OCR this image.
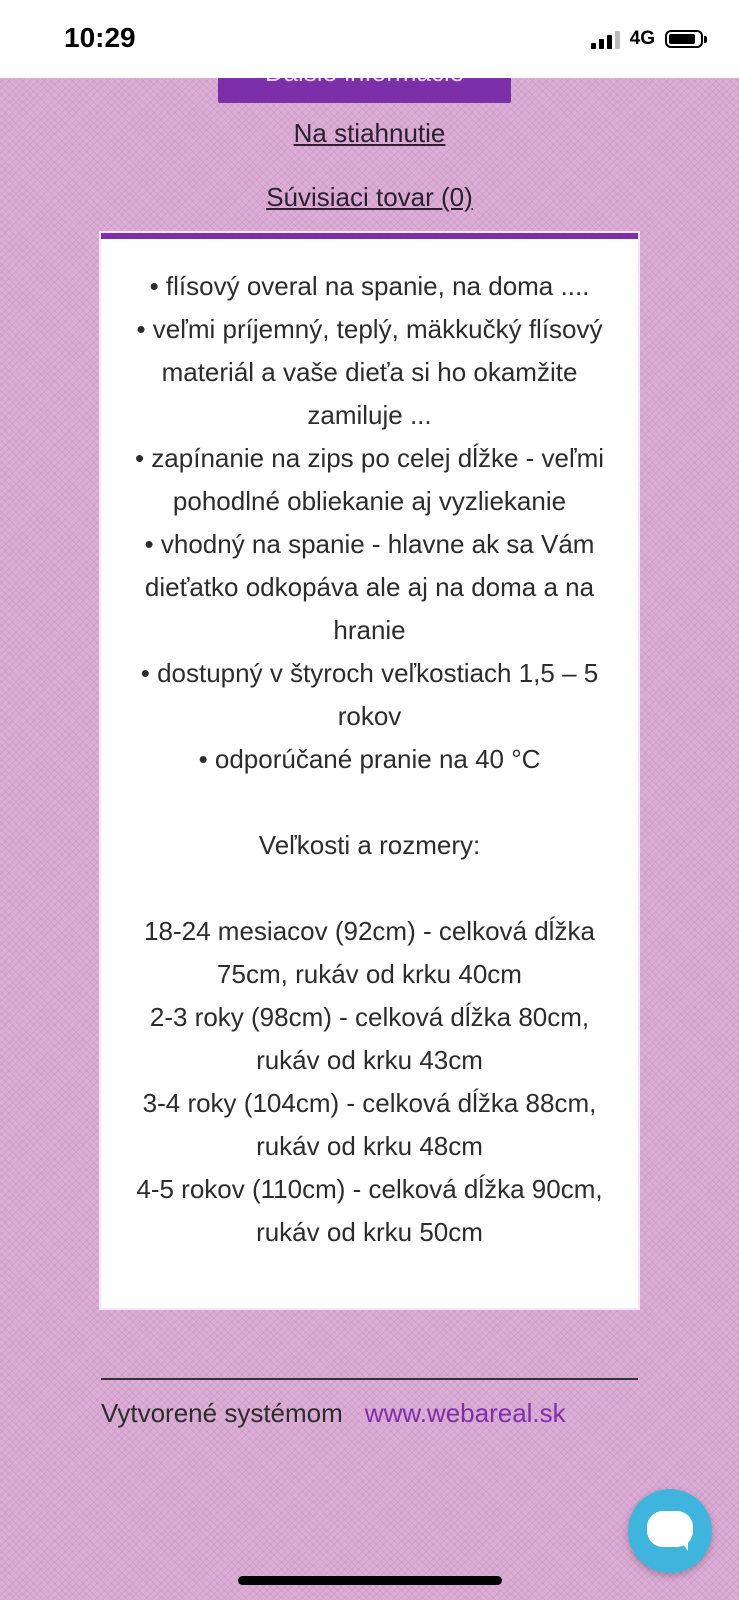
10:29	4G
Na stiahnutie
Súvisiaci tovar (0)

• flísový overal na spanie, na doma ....

• veľmi príjemný, teplý, mäkkučký flísový materiál a vaše dieťa si ho okamžite zamiluje ...

• zapínanie na zips po celej dĺžke - veľmi pohodlné obliekanie aj vyzliekanie

• vhodný na spanie - hlavne ak sa Vám dieťatko odkopáva ale aj na doma a na hranie

• dostupný v štyroch veľkostiach 1,5 – 5 rokov

• odporúčané pranie na 40 °C

Veľkosti a rozmery:

18-24 mesiacov (92cm) - celková dĺžka 75cm, rukáv od krku 40cm

2-3 roky (98cm) - celková dĺžka 80cm, rukáv od krku 43cm

3-4 roky (104cm) - celková dĺžka 88cm, rukáv od krku 48cm

4-5 rokov (110cm) - celková dĺžka 90cm, rukáv od krku 50cm

Vytvorené systémom www.webareal.sk
